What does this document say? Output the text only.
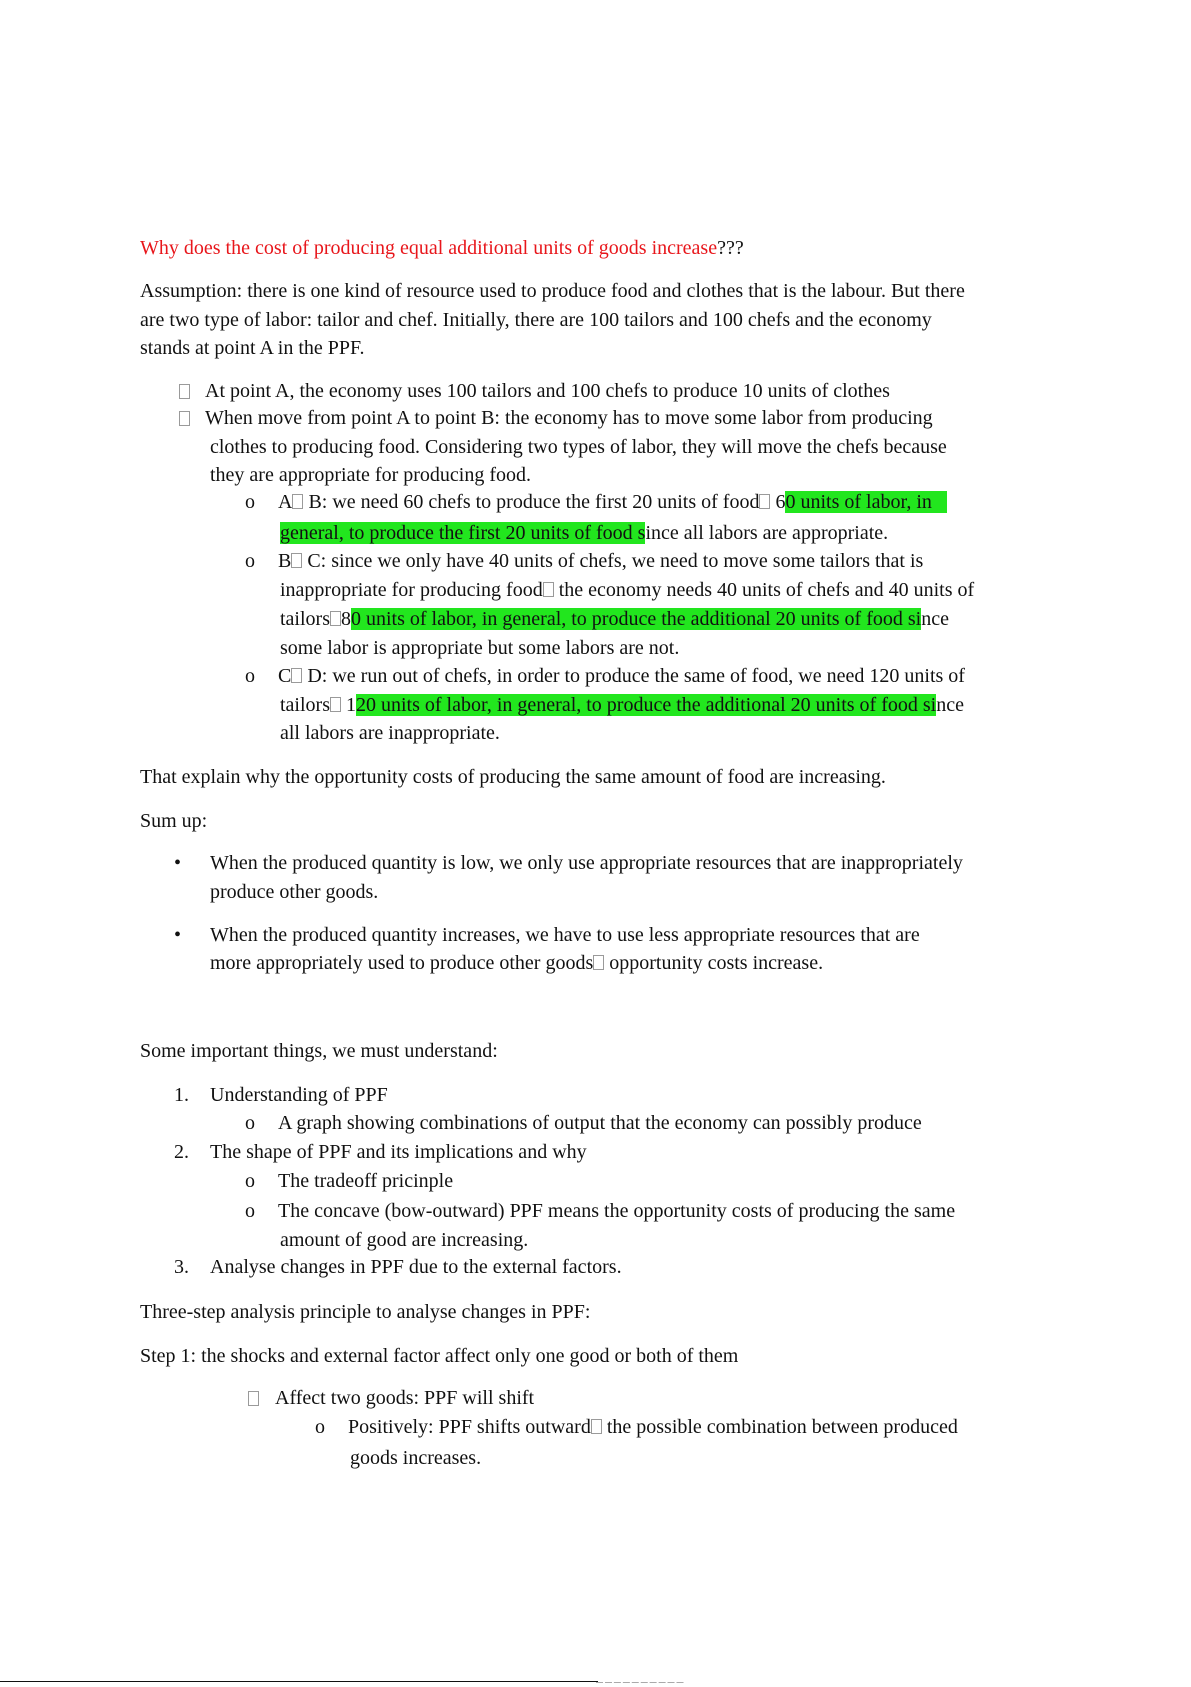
Why does the cost of producing equal additional units of goods increase???
Assumption: there is one kind of resource used to produce food and clothes that is the labour. But there
are two type of labor: tailor and chef. Initially, there are 100 tailors and 100 chefs and the economy
stands at point A in the PPF.
At point A, the economy uses 100 tailors and 100 chefs to produce 10 units of clothes
When move from point A to point B: the economy has to move some labor from producing
clothes to producing food. Considering two types of labor, they will move the chefs because
they are appropriate for producing food.
o A B: we need 60 chefs to produce the first 20 units of food 60 units of labor, in
general, to produce the first 20 units of food since all labors are appropriate.
o B C: since we only have 40 units of chefs, we need to move some tailors that is
inappropriate for producing food the economy needs 40 units of chefs and 40 units of
tailors 80 units of labor, in general, to produce the additional 20 units of food since
some labor is appropriate but some labors are not.
o C D: we run out of chefs, in order to produce the same of food, we need 120 units of
tailors 120 units of labor, in general, to produce the additional 20 units of food since
all labors are inappropriate.
That explain why the opportunity costs of producing the same amount of food are increasing.
Sum up:
• When the produced quantity is low, we only use appropriate resources that are inappropriately
produce other goods.
• When the produced quantity increases, we have to use less appropriate resources that are
more appropriately used to produce other goods opportunity costs increase.
Some important things, we must understand:
1. Understanding of PPF
o A graph showing combinations of output that the economy can possibly produce
2. The shape of PPF and its implications and why
o The tradeoff pricinple
o The concave (bow-outward) PPF means the opportunity costs of producing the same
amount of good are increasing.
3. Analyse changes in PPF due to the external factors.
Three-step analysis principle to analyse changes in PPF:
Step 1: the shocks and external factor affect only one good or both of them
Affect two goods: PPF will shift
o Positively: PPF shifts outward the possible combination between produced
goods increases.
— — — — — — — — — —
